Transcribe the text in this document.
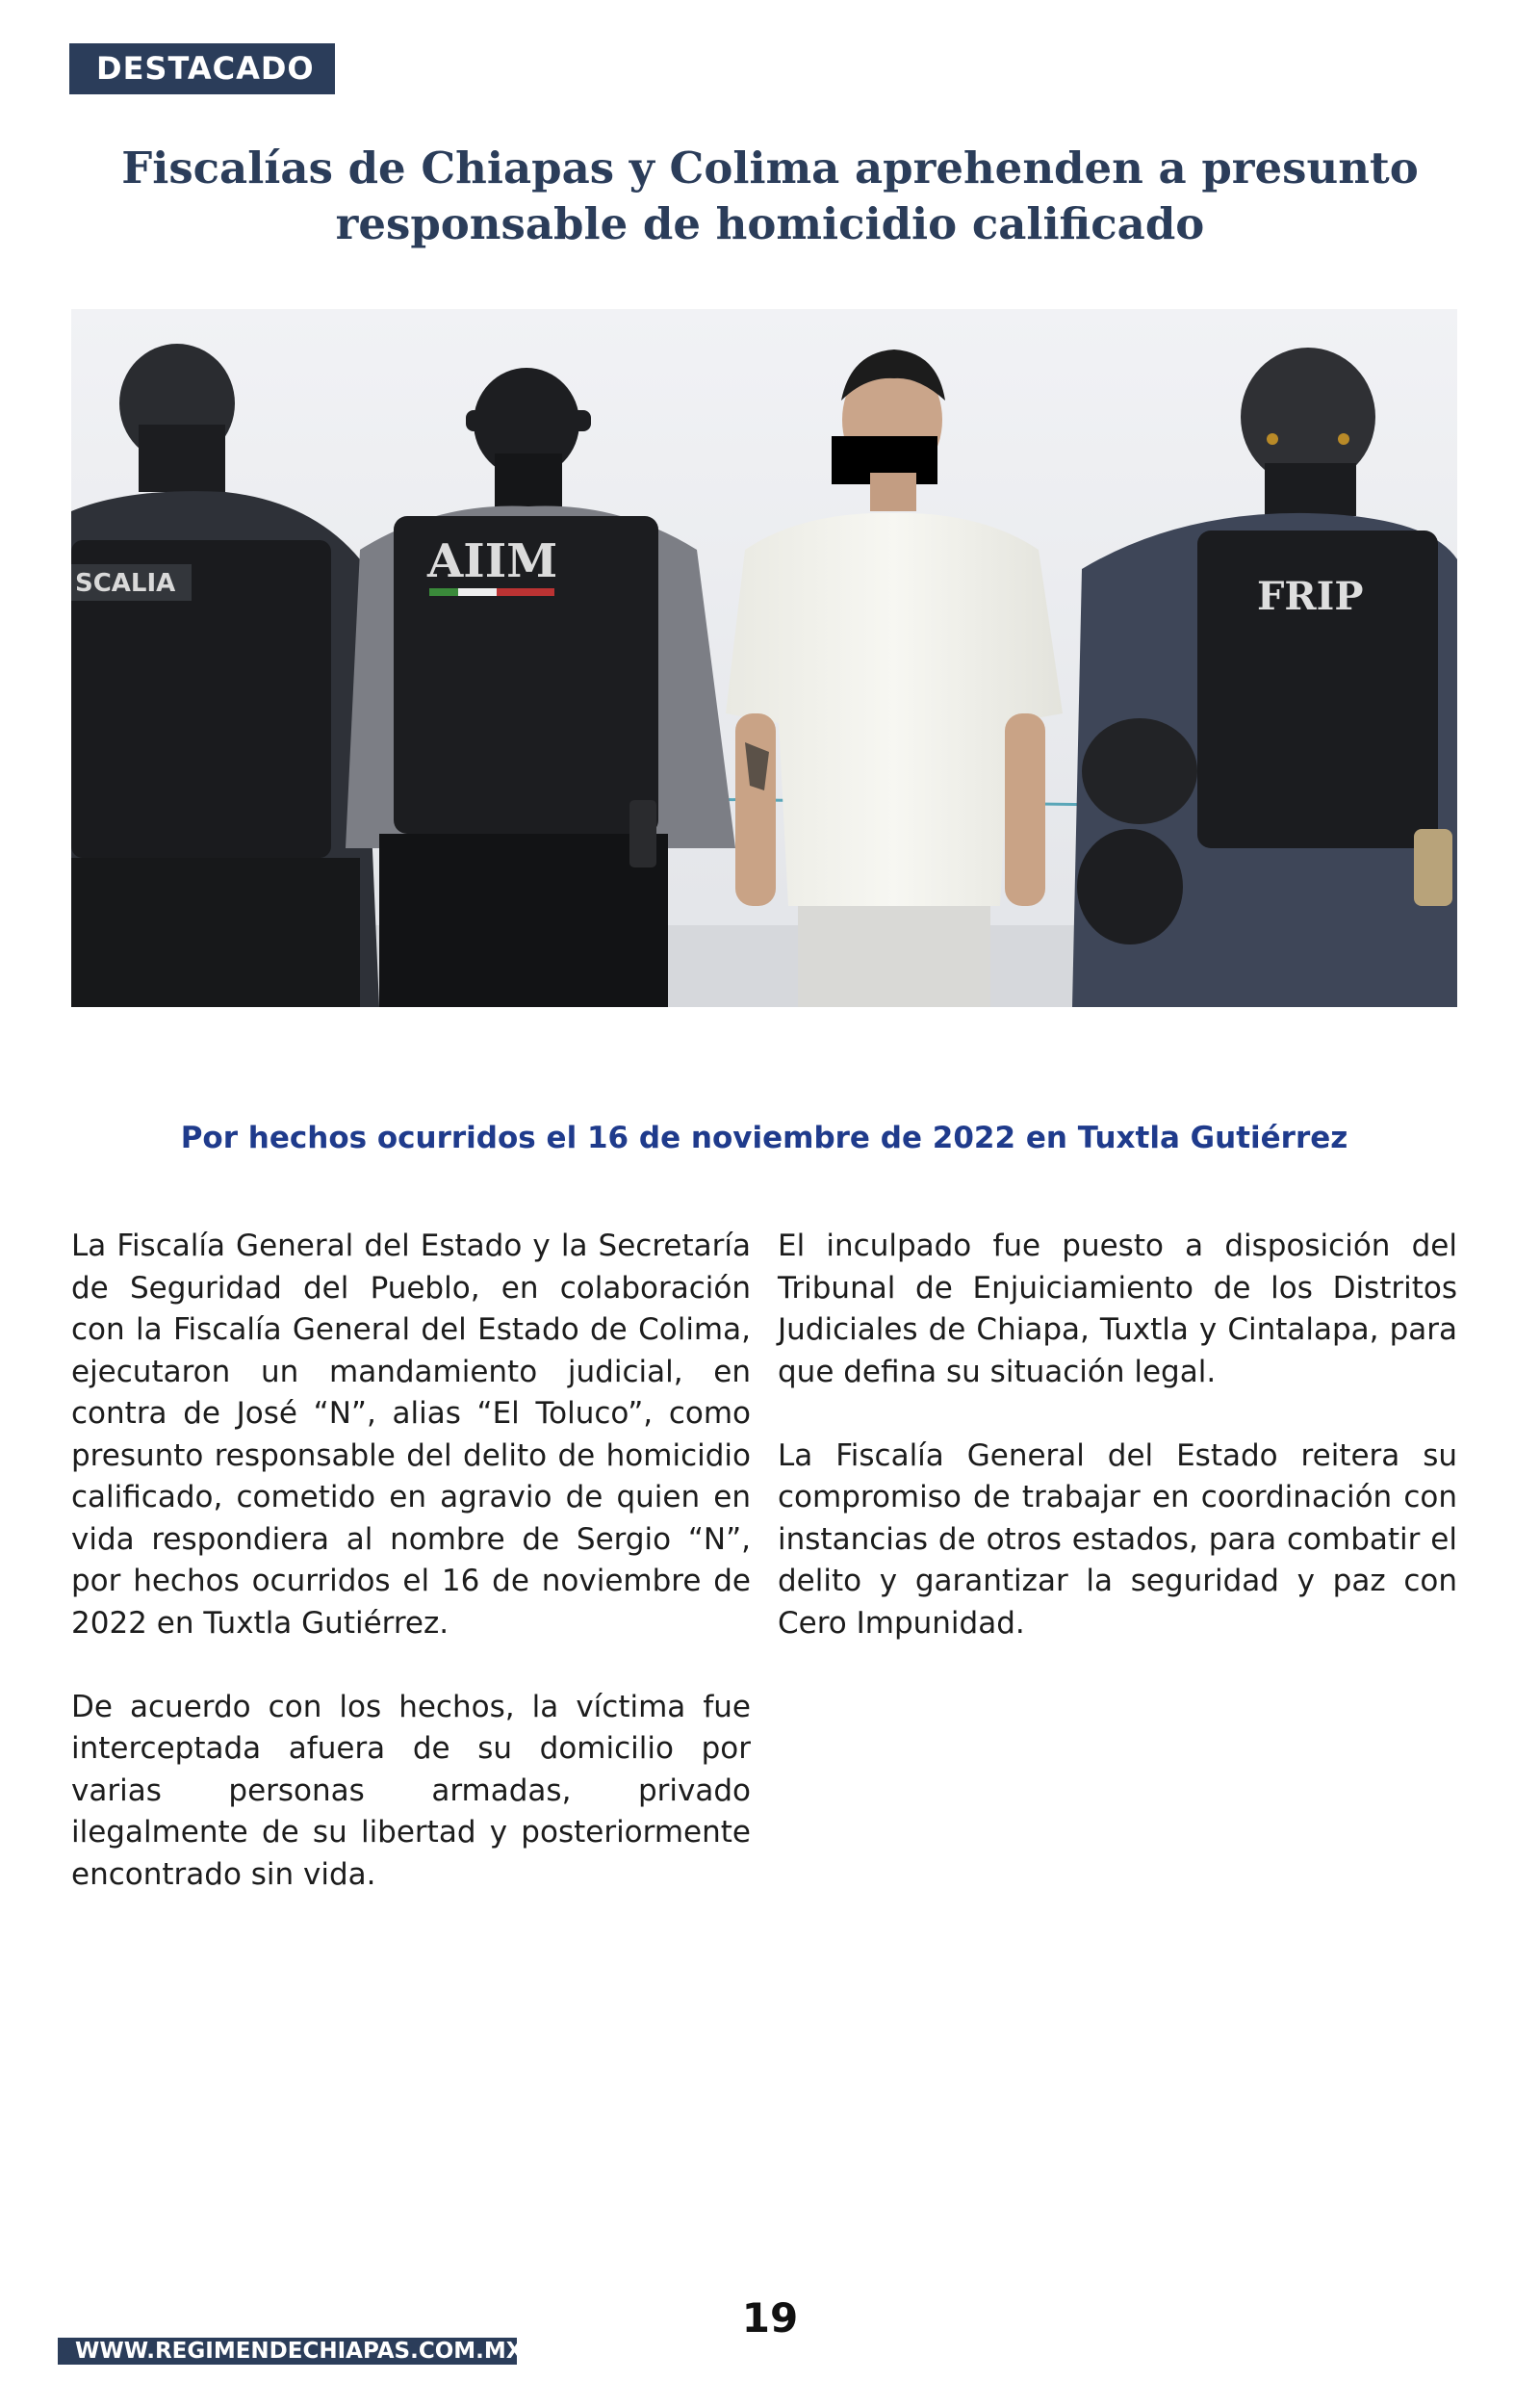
DESTACADO
Fiscalías de Chiapas y Colima aprehenden a presunto responsable de homicidio calificado
SCALIA	AIIM
FRIP
Por hechos ocurridos el 16 de noviembre de 2022 en Tuxtla Gutiérrez

La Fiscalía General del Estado y la Secretaría de Seguridad del Pueblo, en colaboración con la Fiscalía General del Estado de Colima, ejecutaron un mandamiento judicial, en contra de José “N”, alias “El Toluco”, como presunto responsable del delito de homicidio calificado, cometido en agravio de quien en vida respondiera al nombre de Sergio “N”, por hechos ocurridos el 16 de noviembre de 2022 en Tuxtla Gutiérrez.

De acuerdo con los hechos, la víctima fue interceptada afuera de su domicilio por varias personas armadas, privado ilegalmente de su libertad y posteriormente encontrado sin vida.

El inculpado fue puesto a disposición del Tribunal de Enjuiciamiento de los Distritos Judiciales de Chiapa, Tuxtla y Cintalapa, para que defina su situación legal.

La Fiscalía General del Estado reitera su compromiso de trabajar en coordinación con instancias de otros estados, para combatir el delito y garantizar la seguridad y paz con Cero Impunidad.

19
WWW.REGIMENDECHIAPAS.COM.MX
